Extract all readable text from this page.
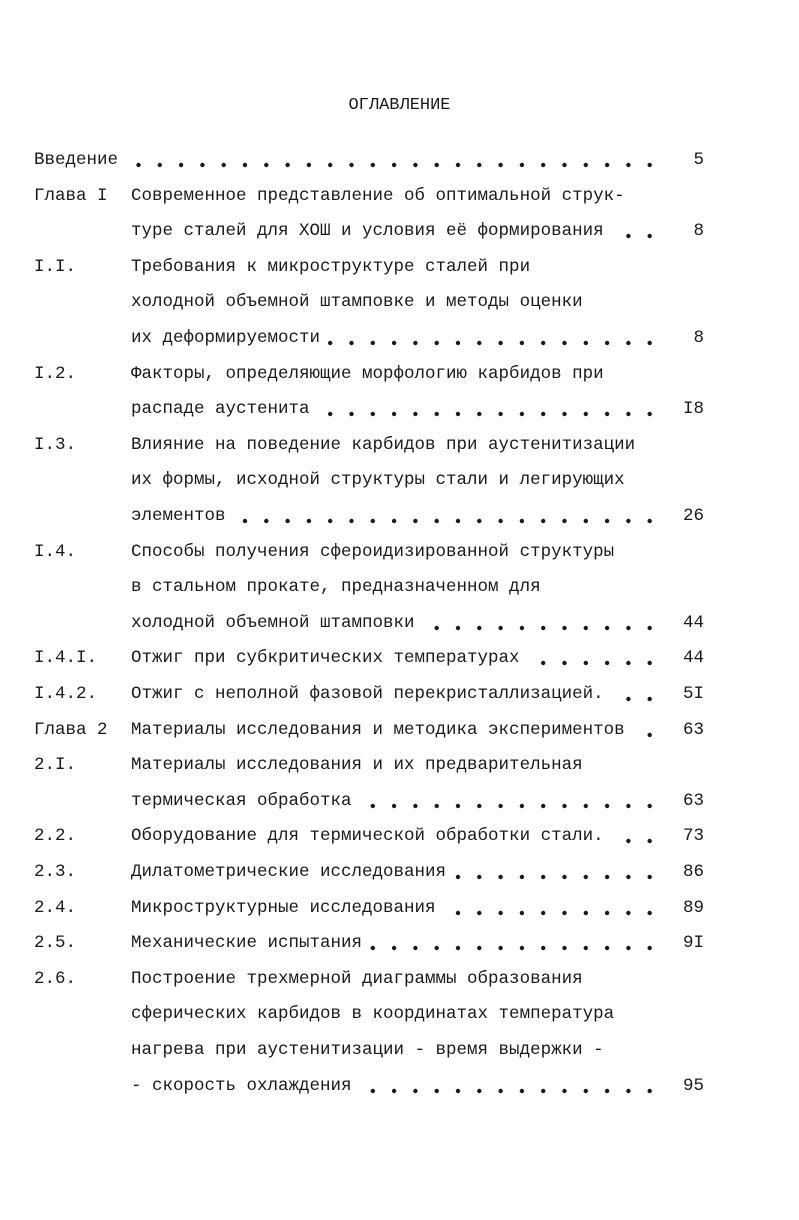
ОГЛАВЛЕНИЕ
Введение	5
Глава I Современное представление об оптимальной струк-
туре сталей для ХОШ и условия её формирования	8
I.I.	Требования к микроструктуре сталей при
холодной объемной штамповке и методы оценки
их деформируемости	8
I.2.	Факторы, определяющие морфологию карбидов при
распаде аустенита	I8
I.3.	Влияние на поведение карбидов при аустенитизации
их формы, исходной структуры стали и легирующих
элементов	26
I.4.	Способы получения сфероидизированной структуры
в стальном прокате, предназначенном для
холодной объемной штамповки	44
I.4.I. Отжиг при субкритических температурах	44
I.4.2. Отжиг с неполной фазовой перекристаллизацией.	5I
Глава 2 Материалы исследования и методика экспериментов	63
2.I.	Материалы исследования и их предварительная
термическая обработка	63
2.2.	Оборудование для термической обработки стали.	73
2.3.	Дилатометрические исследования	86
2.4.	Микроструктурные исследования	89
2.5.	Механические испытания	9I
2.6.	Построение трехмерной диаграммы образования
сферических карбидов в координатах температура
нагрева при аустенитизации - время выдержки -
- скорость охлаждения	95
